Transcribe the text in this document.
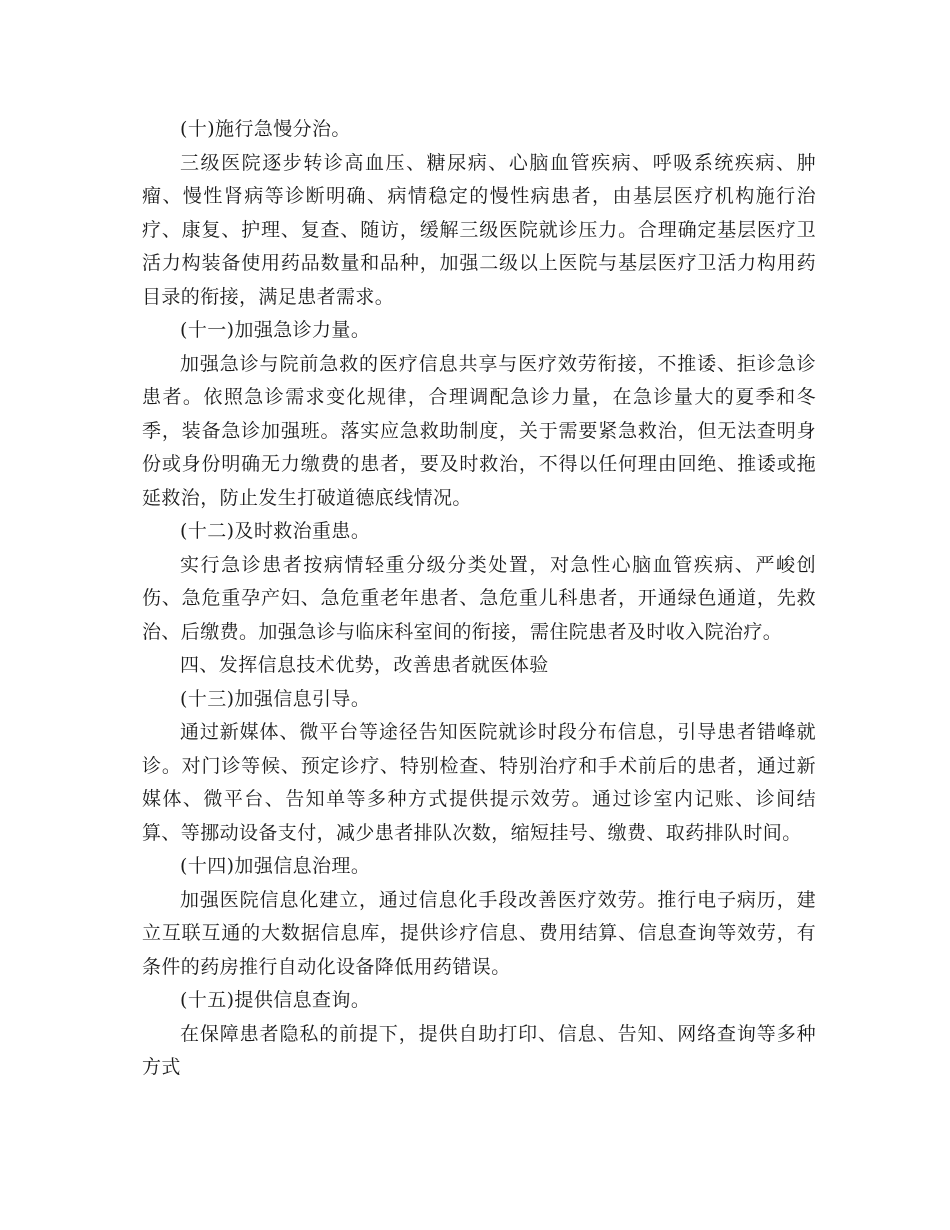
(十)施行急慢分治。

三级医院逐步转诊高血压、糖尿病、心脑血管疾病、呼吸系统疾病、肿瘤、慢性肾病等诊断明确、病情稳定的慢性病患者，由基层医疗机构施行治疗、康复、护理、复查、随访，缓解三级医院就诊压力。合理确定基层医疗卫活力构装备使用药品数量和品种，加强二级以上医院与基层医疗卫活力构用药目录的衔接，满足患者需求。

(十一)加强急诊力量。

加强急诊与院前急救的医疗信息共享与医疗效劳衔接，不推诿、拒诊急诊患者。依照急诊需求变化规律，合理调配急诊力量，在急诊量大的夏季和冬季，装备急诊加强班。落实应急救助制度，关于需要紧急救治，但无法查明身份或身份明确无力缴费的患者，要及时救治，不得以任何理由回绝、推诿或拖延救治，防止发生打破道德底线情况。

(十二)及时救治重患。

实行急诊患者按病情轻重分级分类处置，对急性心脑血管疾病、严峻创伤、急危重孕产妇、急危重老年患者、急危重儿科患者，开通绿色通道，先救治、后缴费。加强急诊与临床科室间的衔接，需住院患者及时收入院治疗。

四、发挥信息技术优势，改善患者就医体验

(十三)加强信息引导。

通过新媒体、微平台等途径告知医院就诊时段分布信息，引导患者错峰就诊。对门诊等候、预定诊疗、特别检查、特别治疗和手术前后的患者，通过新媒体、微平台、告知单等多种方式提供提示效劳。通过诊室内记账、诊间结算、等挪动设备支付，减少患者排队次数，缩短挂号、缴费、取药排队时间。

(十四)加强信息治理。

加强医院信息化建立，通过信息化手段改善医疗效劳。推行电子病历，建立互联互通的大数据信息库，提供诊疗信息、费用结算、信息查询等效劳，有条件的药房推行自动化设备降低用药错误。

(十五)提供信息查询。

在保障患者隐私的前提下，提供自助打印、信息、告知、网络查询等多种方式
